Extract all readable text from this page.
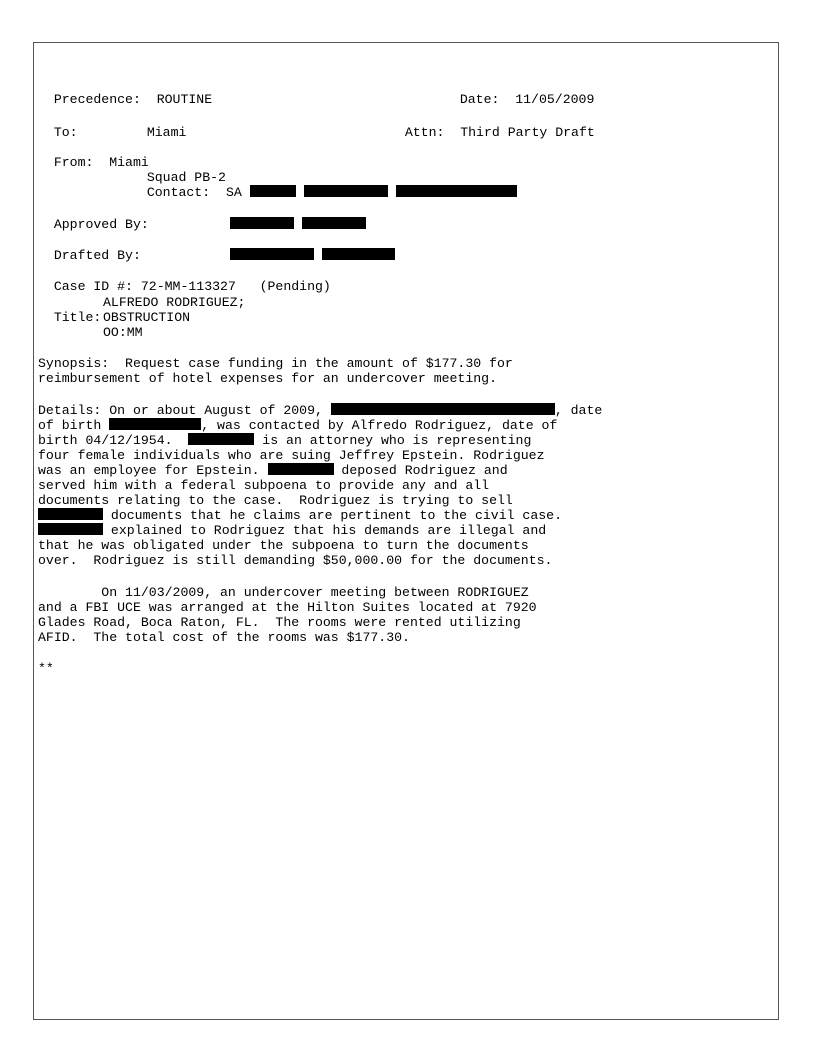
Precedence: ROUTINE	Date: 11/05/2009

To:	Miami	Attn: Third Party Draft

From: Miami

Squad PB-2

Contact: SA

Approved By:

Drafted By:

Case ID #: 72-MM-113327 (Pending)

Title:

ALFREDO RODRIGUEZ;
OBSTRUCTION
OO:MM
Synopsis:  Request case funding in the amount of $177.30 for
reimbursement of hotel expenses for an undercover meeting.
Details: On or about August of 2009,	, date
of birth	, was contacted by Alfredo Rodriguez, date of
birth 04/12/1954.	is an attorney who is representing
four female individuals who are suing Jeffrey Epstein. Rodriguez
was an employee for Epstein.	deposed Rodriguez and
served him with a federal subpoena to provide any and all
documents relating to the case.  Rodriguez is trying to sell
documents that he claims are pertinent to the civil case.
explained to Rodriguez that his demands are illegal and
that he was obligated under the subpoena to turn the documents
over.  Rodriguez is still demanding $50,000.00 for the documents.
On 11/03/2009, an undercover meeting between RODRIGUEZ
and a FBI UCE was arranged at the Hilton Suites located at 7920
Glades Road, Boca Raton, FL.  The rooms were rented utilizing
AFID.  The total cost of the rooms was $177.30.
**
